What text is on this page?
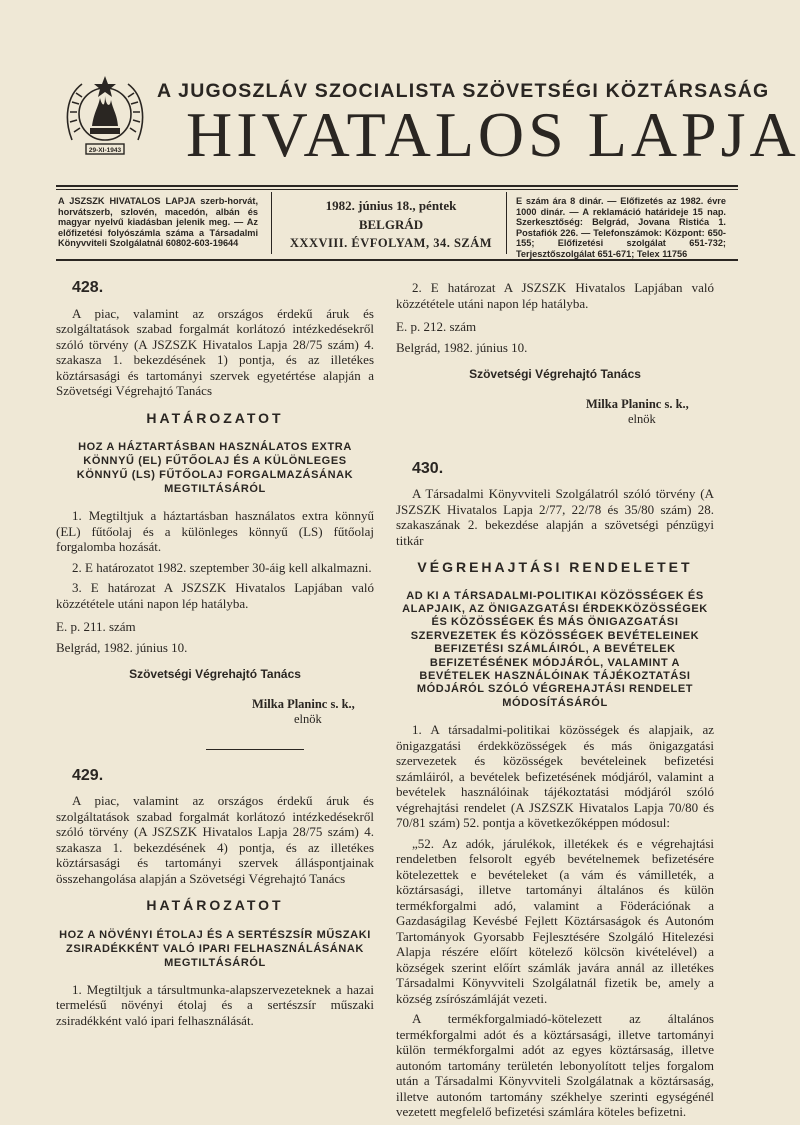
29-XI-1943
A JUGOSZLÁV SZOCIALISTA SZÖVETSÉGI KÖZTÁRSASÁG
HIVATALOS LAPJA
A JSZSZK HIVATALOS LAPJA szerb-horvát, horvátszerb, szlovén, macedón, albán és magyar nyelvű kiadásban jelenik meg. — Az előfizetési folyószámla száma a Társadalmi Könyvviteli Szolgálatnál 60802-603-19644
1982. június 18., péntek
BELGRÁD
XXXVIII. ÉVFOLYAM, 34. SZÁM
E szám ára 8 dinár. — Előfizetés az 1982. évre 1000 dinár. — A reklamáció határideje 15 nap. Szerkesztőség: Belgrád, Jovana Ristića 1. Postafiók 226. — Telefonszámok: Központ: 650-155; Előfizetési szolgálat 651-732; Terjesztőszolgálat 651-671; Telex 11756
428.

A piac, valamint az országos érdekű áruk és szolgáltatások szabad forgalmát korlátozó intézkedésekről szóló törvény (A JSZSZK Hivatalos Lapja 28/75 szám) 4. szakasza 1. bekezdésének 1) pontja, és az illetékes köztársasági és tartományi szervek egyetértése alapján a Szövetségi Végrehajtó Tanács

HATÁROZATOT
HOZ A HÁZTARTÁSBAN HASZNÁLATOS EXTRA KÖNNYŰ (EL) FŰTŐOLAJ ÉS A KÜLÖNLEGES KÖNNYŰ (LS) FŰTŐOLAJ FORGALMAZÁSÁNAK MEGTILTÁSÁRÓL

1. Megtiltjuk a háztartásban használatos extra könnyű (EL) fűtőolaj és a különleges könnyű (LS) fűtőolaj forgalomba hozását.

2. E határozatot 1982. szeptember 30-áig kell alkalmazni.

3. E határozat A JSZSZK Hivatalos Lapjában való közzététele utáni napon lép hatályba.

E. p. 211. szám

Belgrád, 1982. június 10.

Szövetségi Végrehajtó Tanács
Milka Planinc s. k.,
elnök
429.

A piac, valamint az országos érdekű áruk és szolgáltatások szabad forgalmát korlátozó intézkedésekről szóló törvény (A JSZSZK Hivatalos Lapja 28/75 szám) 4. szakasza 1. bekezdésének 4) pontja, és az illetékes köztársasági és tartományi szervek álláspontjainak összehangolása alapján a Szövetségi Végrehajtó Tanács

HATÁROZATOT
HOZ A NÖVÉNYI ÉTOLAJ ÉS A SERTÉSZSÍR MŰSZAKI ZSIRADÉKKÉNT VALÓ IPARI FELHASZNÁLÁSÁNAK MEGTILTÁSÁRÓL

1. Megtiltjuk a társultmunka-alapszervezeteknek a hazai termelésű növényi étolaj és a sertészsír műszaki zsiradékként való ipari felhasználását.

2. E határozat A JSZSZK Hivatalos Lapjában való közzététele utáni napon lép hatályba.

E. p. 212. szám

Belgrád, 1982. június 10.

Szövetségi Végrehajtó Tanács
Milka Planinc s. k.,
elnök
430.

A Társadalmi Könyvviteli Szolgálatról szóló törvény (A JSZSZK Hivatalos Lapja 2/77, 22/78 és 35/80 szám) 28. szakaszának 2. bekezdése alapján a szövetségi pénzügyi titkár

VÉGREHAJTÁSI RENDELETET
AD KI A TÁRSADALMI-POLITIKAI KÖZÖSSÉGEK ÉS ALAPJAIK, AZ ÖNIGAZGATÁSI ÉRDEKKÖZÖSSÉGEK ÉS KÖZÖSSÉGEK ÉS MÁS ÖNIGAZGATÁSI SZERVEZETEK ÉS KÖZÖSSÉGEK BEVÉTELEINEK BEFIZETÉSI SZÁMLÁIRÓL, A BEVÉTELEK BEFIZETÉSÉNEK MÓDJÁRÓL, VALAMINT A BEVÉTELEK HASZNÁLÓINAK TÁJÉKOZTATÁSI MÓDJÁRÓL SZÓLÓ VÉGREHAJTÁSI RENDELET MÓDOSÍTÁSÁRÓL

1. A társadalmi-politikai közösségek és alapjaik, az önigazgatási érdekközösségek és más önigazgatási szervezetek és közösségek bevételeinek befizetési számláiról, a bevételek befizetésének módjáról, valamint a bevételek használóinak tájékoztatási módjáról szóló végrehajtási rendelet (A JSZSZK Hivatalos Lapja 70/80 és 70/81 szám) 52. pontja a következőképpen módosul:

„52. Az adók, járulékok, illetékek és e végrehajtási rendeletben felsorolt egyéb bevételnemek befizetésére kötelezettek e bevételeket (a vám és vámilleték, a köztársasági, illetve tartományi általános és külön termékforgalmi adó, valamint a Föderációnak a Gazdaságilag Kevésbé Fejlett Köztársaságok és Autonóm Tartományok Gyorsabb Fejlesztésére Szolgáló Hitelezési Alapja részére előírt kötelező kölcsön kivételével) a községek szerint előírt számlák javára annál az illetékes Társadalmi Könyvviteli Szolgálatnál fizetik be, amely a község zsírószámláját vezeti.

A termékforgalmiadó-kötelezett az általános termékforgalmi adót és a köztársasági, illetve tartományi külön termékforgalmi adót az egyes köztársaság, illetve autonóm tartomány területén lebonyolított teljes forgalom után a Társadalmi Könyvviteli Szolgálatnak a köztársaság, illetve autonóm tartomány székhelye szerinti egységénél vezetett megfelelő befizetési számlára köteles befizetni.
